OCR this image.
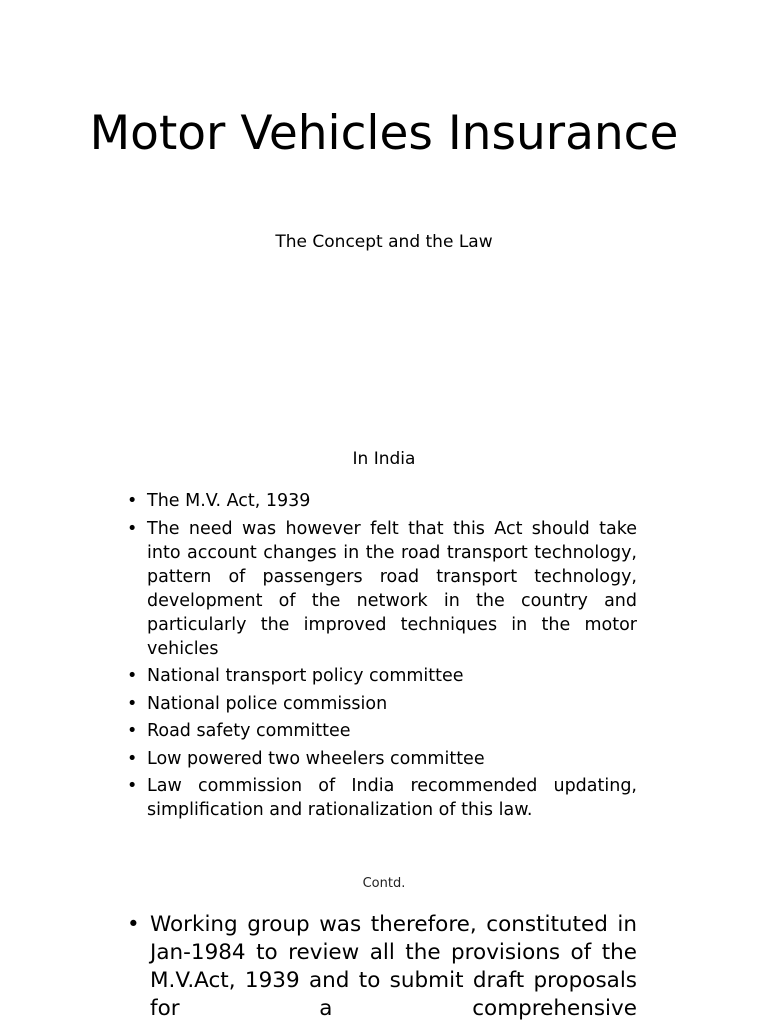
Motor Vehicles Insurance

The Concept and the Law

In India

• The M.V. Act, 1939
• The need was however felt that this Act should take into account changes in the road transport technology, pattern of passengers road transport technology, development of the network in the country and particularly the improved techniques in the motor vehicles
• National transport policy committee
• National police commission
• Road safety committee
• Low powered two wheelers committee
• Law commission of India recommended updating, simplification and rationalization of this law.

Contd.

• Working group was therefore, constituted in Jan-1984 to review all the provisions of the M.V.Act, 1939 and to submit draft proposals for a comprehensive
